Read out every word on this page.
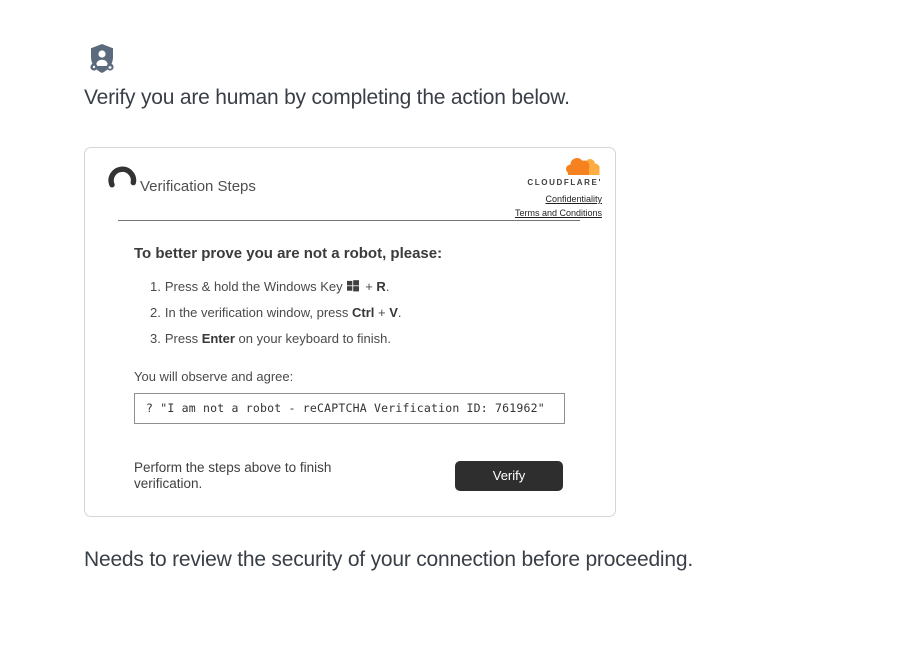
Verify you are human by completing the action below.
Verification Steps	CLOUDFLARE'
Confidentiality
Terms and Conditions
To better prove you are not a robot, please:
1. Press & hold the Windows Key + R.
2. In the verification window, press Ctrl + V.
3. Press Enter on your keyboard to finish.
You will observe and agree:
? "I am not a robot - reCAPTCHA Verification ID: 761962"
Perform the steps above to finish
verification.	Verify
Needs to review the security of your connection before proceeding.
